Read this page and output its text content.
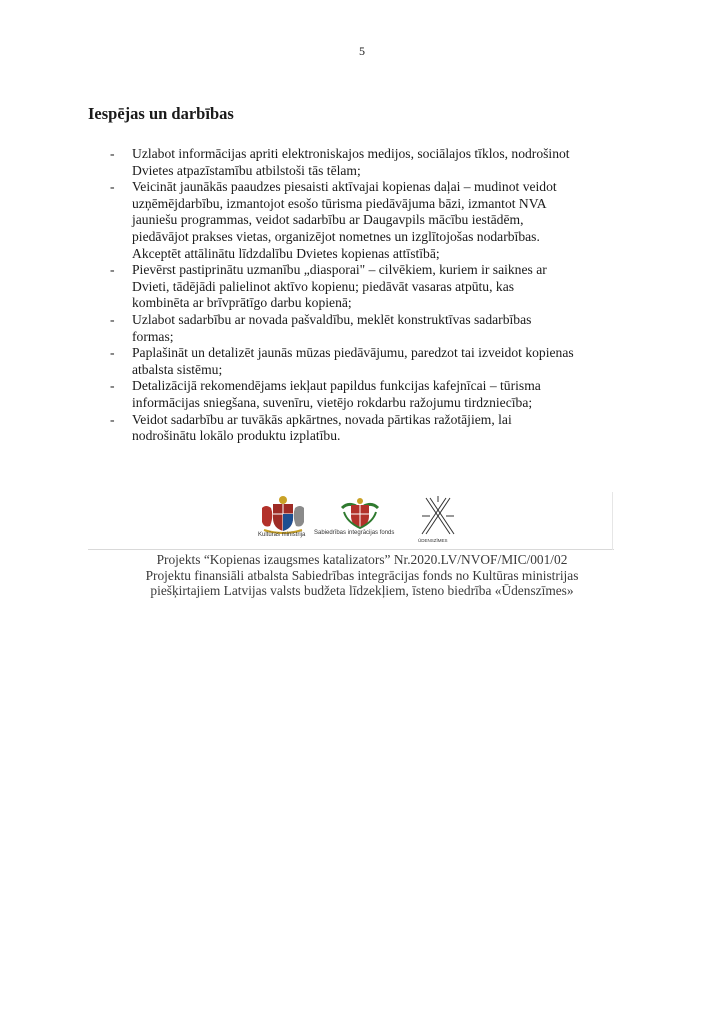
5
Iespējas un darbības
- Uzlabot informācijas apriti elektroniskajos medijos, sociālajos tīklos, nodrošinot
Dvietes atpazīstamību atbilstoši tās tēlam;
- Veicināt jaunākās paaudzes piesaisti aktīvajai kopienas daļai – mudinot veidot
uzņēmējdarbību, izmantojot esošo tūrisma piedāvājuma bāzi, izmantot NVA
jauniešu programmas, veidot sadarbību ar Daugavpils mācību iestādēm,
piedāvājot prakses vietas, organizējot nometnes un izglītojošas nodarbības.
Akceptēt attālinātu līdzdalību Dvietes kopienas attīstībā;
- Pievērst pastiprinātu uzmanību „diasporai" – cilvēkiem, kuriem ir saiknes ar
Dvieti, tādējādi palielinot aktīvo kopienu; piedāvāt vasaras atpūtu, kas
kombinēta ar brīvprātīgo darbu kopienā;
- Uzlabot sadarbību ar novada pašvaldību, meklēt konstruktīvas sadarbības
formas;
- Paplašināt un detalizēt jaunās mūzas piedāvājumu, paredzot tai izveidot kopienas
atbalsta sistēmu;
- Detalizācijā rekomendējams iekļaut papildus funkcijas kafejnīcai – tūrisma
informācijas sniegšana, suvenīru, vietējo rokdarbu ražojumu tirdzniecība;
- Veidot sadarbību ar tuvākās apkārtnes, novada pārtikas ražotājiem, lai
nodrošinātu lokālo produktu izplatību.
Kultūras ministrija Sabiedrības integrācijas fonds
ŪDENSZĪMES
Projekts “Kopienas izaugsmes katalizators” Nr.2020.LV/NVOF/MIC/001/02
Projektu finansiāli atbalsta Sabiedrības integrācijas fonds no Kultūras ministrijas
piešķirtajiem Latvijas valsts budžeta līdzekļiem, īsteno biedrība «Ūdenszīmes»
